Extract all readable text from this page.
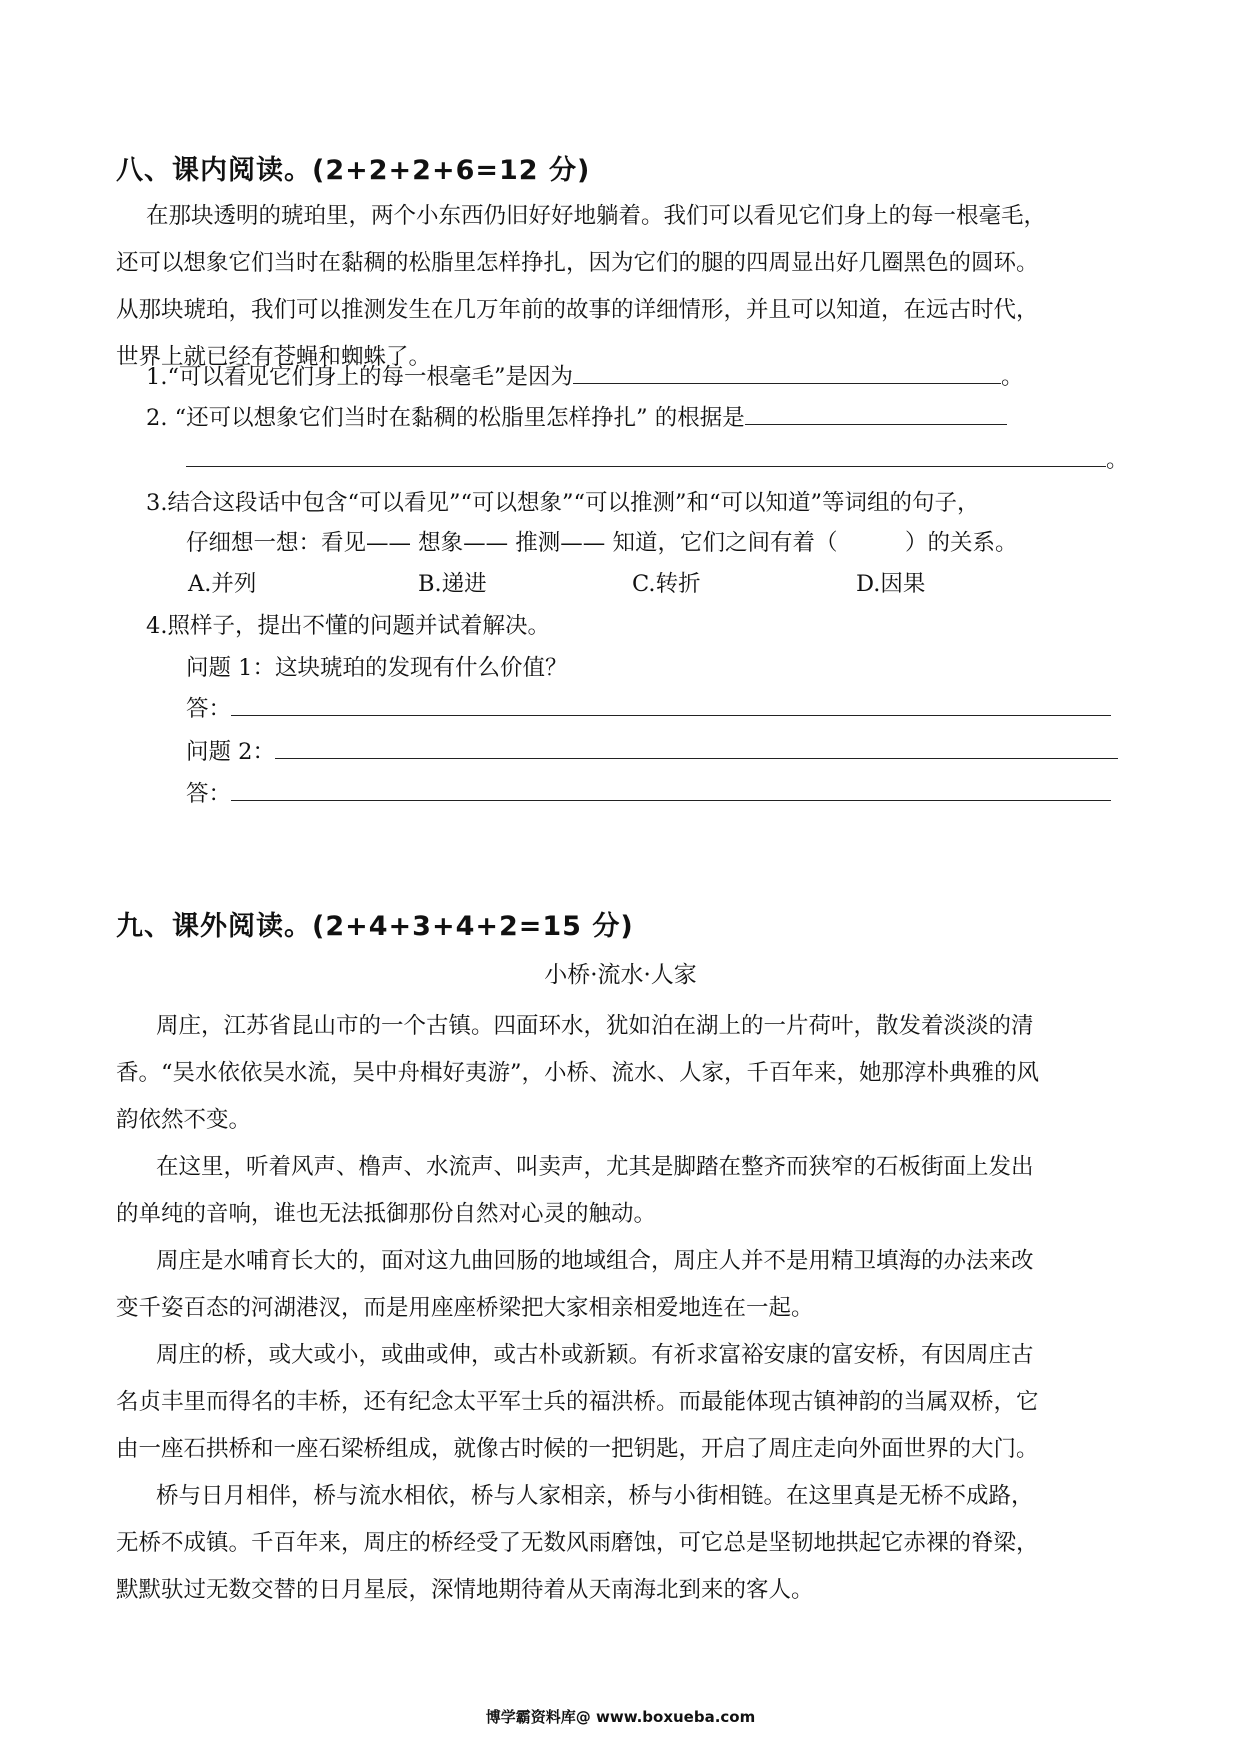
八、课内阅读。(2+2+2+6=12 分)
在那块透明的琥珀里，两个小东西仍旧好好地躺着。我们可以看见它们身上的每一根毫毛，
还可以想象它们当时在黏稠的松脂里怎样挣扎，因为它们的腿的四周显出好几圈黑色的圆环。
从那块琥珀，我们可以推测发生在几万年前的故事的详细情形，并且可以知道，在远古时代，
世界上就已经有苍蝇和蜘蛛了。
1.“可以看见它们身上的每一根毫毛”是因为	。
2. “还可以想象它们当时在黏稠的松脂里怎样挣扎” 的根据是
。
3.结合这段话中包含“可以看见”“可以想象”“可以推测”和“可以知道”等词组的句子，
仔细想一想：看见—— 想象—— 推测—— 知道，它们之间有着（　　　）的关系。
A.并列	B.递进	C.转折	D.因果
4.照样子，提出不懂的问题并试着解决。
问题 1：这块琥珀的发现有什么价值？
答：
问题 2：
答：
九、课外阅读。(2+4+3+4+2=15 分)
小桥·流水·人家
周庄，江苏省昆山市的一个古镇。四面环水，犹如泊在湖上的一片荷叶，散发着淡淡的清
香。“吴水依依吴水流，吴中舟楫好夷游”，小桥、流水、人家，千百年来，她那淳朴典雅的风
韵依然不变。
在这里，听着风声、橹声、水流声、叫卖声，尤其是脚踏在整齐而狭窄的石板街面上发出
的单纯的音响，谁也无法抵御那份自然对心灵的触动。
周庄是水哺育长大的，面对这九曲回肠的地域组合，周庄人并不是用精卫填海的办法来改
变千姿百态的河湖港汊，而是用座座桥梁把大家相亲相爱地连在一起。
周庄的桥，或大或小，或曲或伸，或古朴或新颖。有祈求富裕安康的富安桥，有因周庄古
名贞丰里而得名的丰桥，还有纪念太平军士兵的福洪桥。而最能体现古镇神韵的当属双桥，它
由一座石拱桥和一座石梁桥组成，就像古时候的一把钥匙，开启了周庄走向外面世界的大门。
桥与日月相伴，桥与流水相依，桥与人家相亲，桥与小街相链。在这里真是无桥不成路，
无桥不成镇。千百年来，周庄的桥经受了无数风雨磨蚀，可它总是坚韧地拱起它赤裸的脊梁，
默默驮过无数交替的日月星辰，深情地期待着从天南海北到来的客人。
博学霸资料库@ www.boxueba.com
